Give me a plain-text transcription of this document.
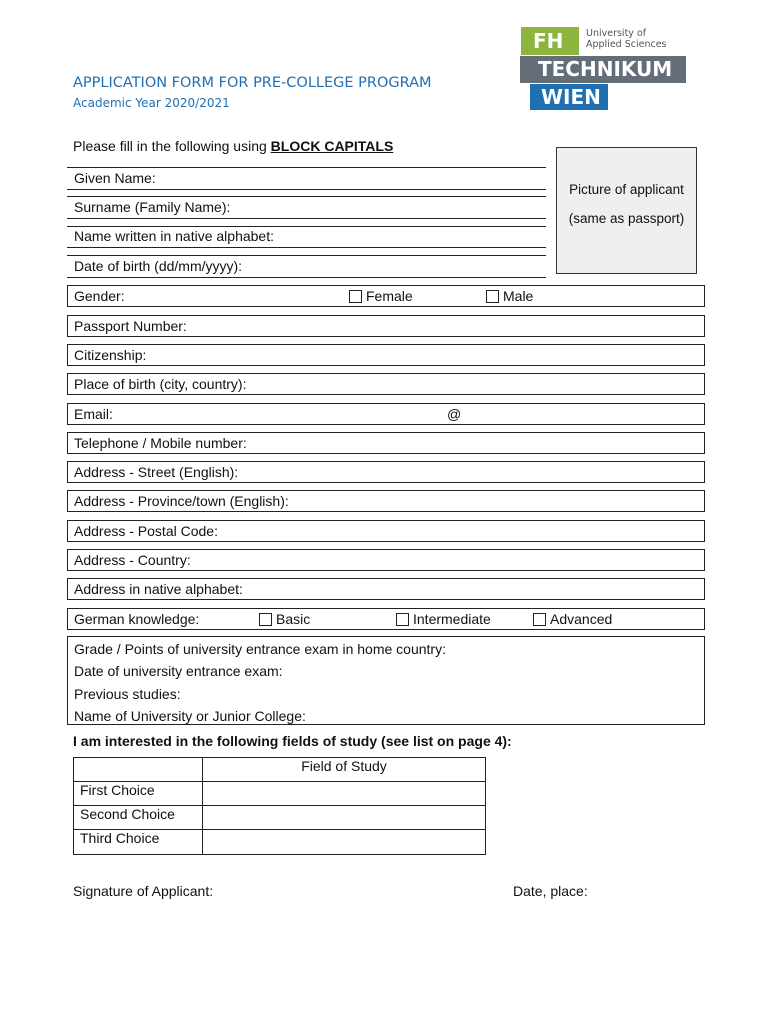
FH	University of
Applied Sciences
TECHNIKUM
WIEN
APPLICATION FORM FOR PRE-COLLEGE PROGRAM
Academic Year 2020/2021
Please fill in the following using BLOCK CAPITALS
Given Name:
Surname (Family Name):
Name written in native alphabet:
Date of birth (dd/mm/yyyy):
Picture of applicant
(same as passport)
Gender:	Female	Male
Passport Number:
Citizenship:
Place of birth (city, country):
Email:	@
Telephone / Mobile number:
Address - Street (English):
Address - Province/town (English):
Address - Postal Code:
Address - Country:
Address in native alphabet:
German knowledge:	Basic	Intermediate	Advanced
Grade / Points of university entrance exam in home country:
Date of university entrance exam:
Previous studies:
Name of University or Junior College:
I am interested in the following fields of study (see list on page 4):
	Field of Study
First Choice	
Second Choice	
Third Choice	
Signature of Applicant:	Date, place:
